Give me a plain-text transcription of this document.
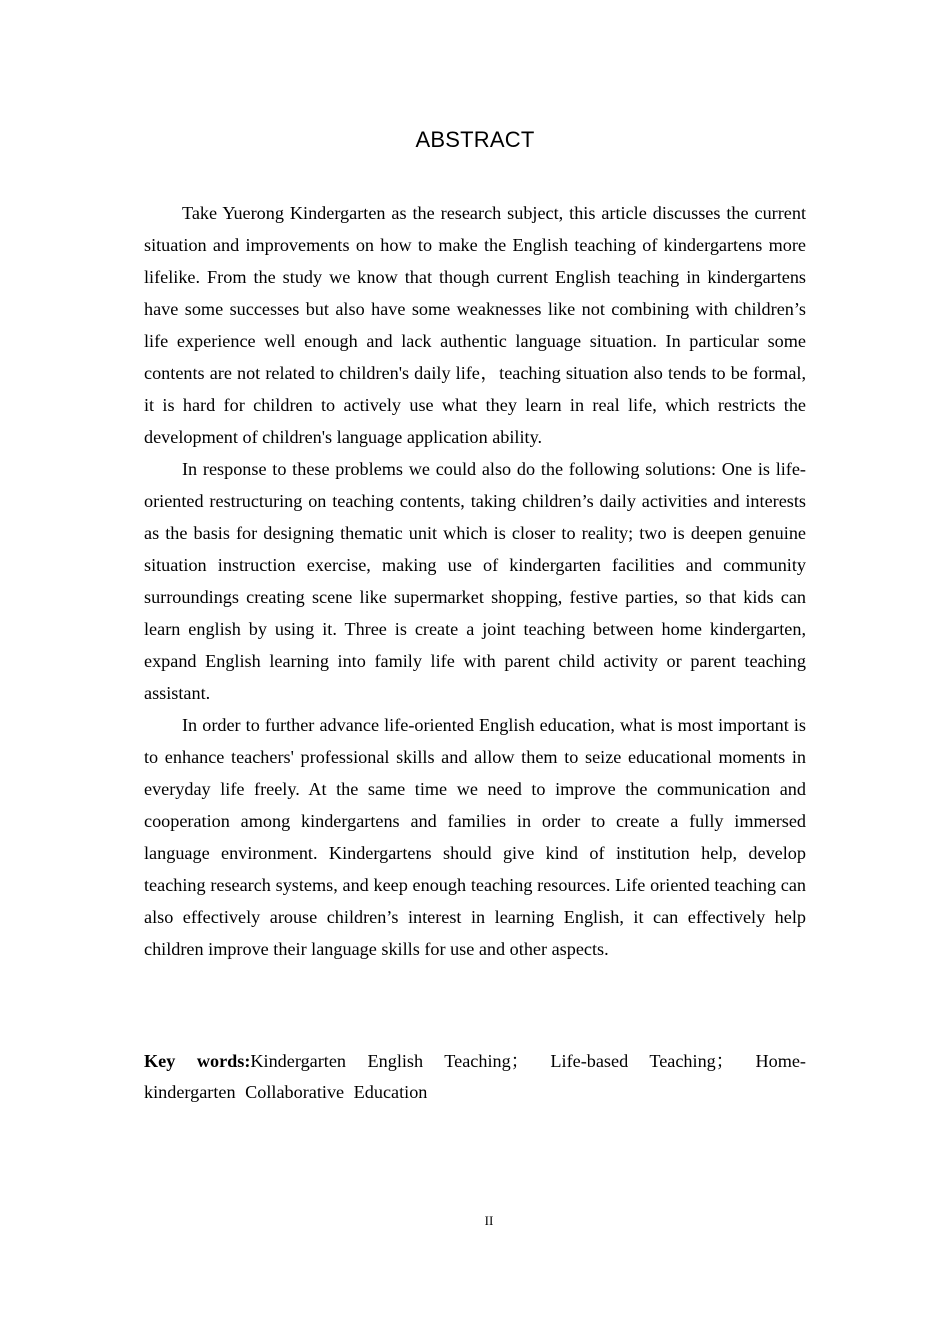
ABSTRACT

Take Yuerong Kindergarten as the research subject, this article discusses the current situation and improvements on how to make the English teaching of kindergartens more lifelike. From the study we know that though current English teaching in kindergartens have some successes but also have some weaknesses like not combining with children’s life experience well enough and lack authentic language situation. In particular some contents are not related to children's daily life，teaching situation also tends to be formal, it is hard for children to actively use what they learn in real life, which restricts the development of children's language application ability.

In response to these problems we could also do the following solutions: One is life-oriented restructuring on teaching contents, taking children’s daily activities and interests as the basis for designing thematic unit which is closer to reality; two is deepen genuine situation instruction exercise, making use of kindergarten facilities and community surroundings creating scene like supermarket shopping, festive parties, so that kids can learn english by using it. Three is create a joint teaching between home kindergarten, expand English learning into family life with parent child activity or parent teaching assistant.

In order to further advance life-oriented English education, what is most important is to enhance teachers' professional skills and allow them to seize educational moments in everyday life freely. At the same time we need to improve the communication and cooperation among kindergartens and families in order to create a fully immersed language environment. Kindergartens should give kind of institution help, develop teaching research systems, and keep enough teaching resources. Life oriented teaching can also effectively arouse children’s interest in learning English, it can effectively help children improve their language skills for use and other aspects.

Key words:Kindergarten English Teaching； Life-based Teaching； Home-kindergarten Collaborative Education

II
